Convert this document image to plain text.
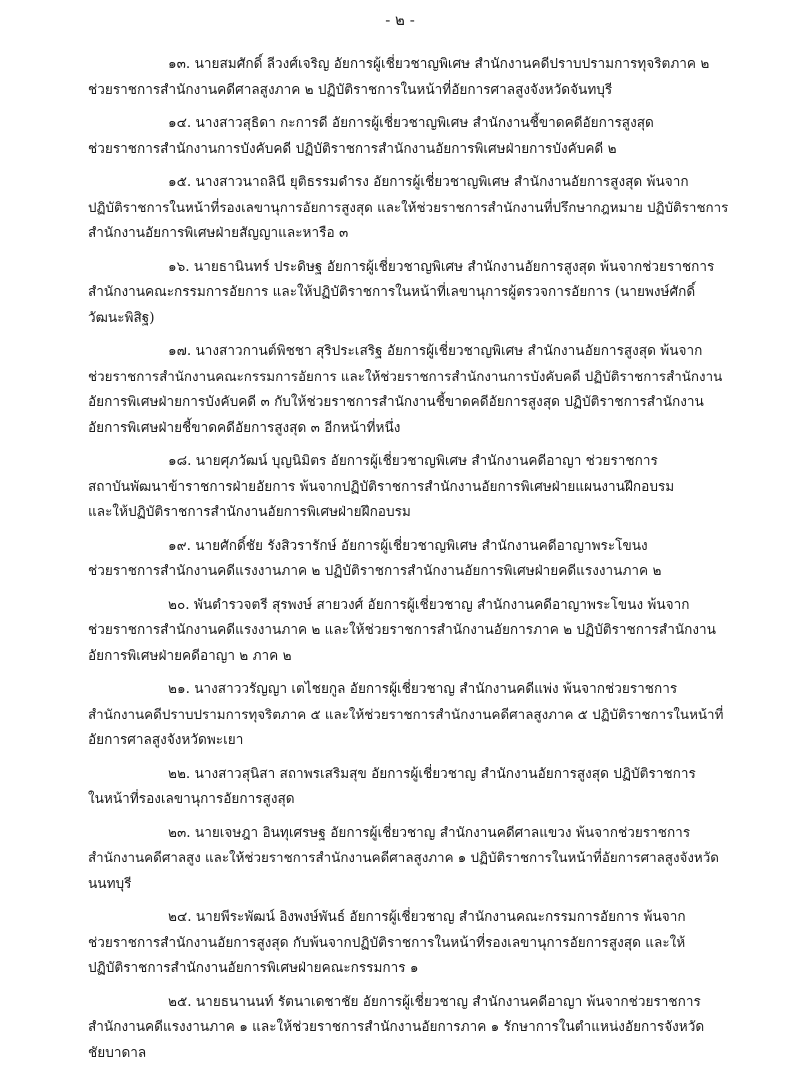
- ๒ -
๑๓. นายสมศักดิ์ ลีวงศ์เจริญ อัยการผู้เชี่ยวชาญพิเศษ สำนักงานคดีปราบปรามการทุจริตภาค ๒
ช่วยราชการสำนักงานคดีศาลสูงภาค ๒ ปฏิบัติราชการในหน้าที่อัยการศาลสูงจังหวัดจันทบุรี
๑๔. นางสาวสุธิดา กะการดี อัยการผู้เชี่ยวชาญพิเศษ สำนักงานชี้ขาดคดีอัยการสูงสุด
ช่วยราชการสำนักงานการบังคับคดี ปฏิบัติราชการสำนักงานอัยการพิเศษฝ่ายการบังคับคดี ๒
๑๕. นางสาวนาถลินี ยุติธรรมดำรง อัยการผู้เชี่ยวชาญพิเศษ สำนักงานอัยการสูงสุด พ้นจาก
ปฏิบัติราชการในหน้าที่รองเลขานุการอัยการสูงสุด และให้ช่วยราชการสำนักงานที่ปรึกษากฎหมาย ปฏิบัติราชการ
สำนักงานอัยการพิเศษฝ่ายสัญญาและหารือ ๓
๑๖. นายธานินทร์ ประดิษฐ อัยการผู้เชี่ยวชาญพิเศษ สำนักงานอัยการสูงสุด พ้นจากช่วยราชการ
สำนักงานคณะกรรมการอัยการ และให้ปฏิบัติราชการในหน้าที่เลขานุการผู้ตรวจการอัยการ (นายพงษ์ศักดิ์
วัฒนะพิสิฐ)
๑๗. นางสาวกานต์พิชชา สุริประเสริฐ อัยการผู้เชี่ยวชาญพิเศษ สำนักงานอัยการสูงสุด พ้นจาก
ช่วยราชการสำนักงานคณะกรรมการอัยการ และให้ช่วยราชการสำนักงานการบังคับคดี ปฏิบัติราชการสำนักงาน
อัยการพิเศษฝ่ายการบังคับคดี ๓ กับให้ช่วยราชการสำนักงานชี้ขาดคดีอัยการสูงสุด ปฏิบัติราชการสำนักงาน
อัยการพิเศษฝ่ายชี้ขาดคดีอัยการสูงสุด ๓ อีกหน้าที่หนึ่ง
๑๘. นายศุภวัฒน์ บุญนิมิตร อัยการผู้เชี่ยวชาญพิเศษ สำนักงานคดีอาญา ช่วยราชการ
สถาบันพัฒนาข้าราชการฝ่ายอัยการ พ้นจากปฏิบัติราชการสำนักงานอัยการพิเศษฝ่ายแผนงานฝึกอบรม
และให้ปฏิบัติราชการสำนักงานอัยการพิเศษฝ่ายฝึกอบรม
๑๙. นายศักดิ์ชัย รังสิวรารักษ์ อัยการผู้เชี่ยวชาญพิเศษ สำนักงานคดีอาญาพระโขนง
ช่วยราชการสำนักงานคดีแรงงานภาค ๒ ปฏิบัติราชการสำนักงานอัยการพิเศษฝ่ายคดีแรงงานภาค ๒
๒๐. พันตำรวจตรี สุรพงษ์ สายวงศ์ อัยการผู้เชี่ยวชาญ สำนักงานคดีอาญาพระโขนง พ้นจาก
ช่วยราชการสำนักงานคดีแรงงานภาค ๒ และให้ช่วยราชการสำนักงานอัยการภาค ๒ ปฏิบัติราชการสำนักงาน
อัยการพิเศษฝ่ายคดีอาญา ๒ ภาค ๒
๒๑. นางสาววรัญญา เตไชยกูล อัยการผู้เชี่ยวชาญ สำนักงานคดีแพ่ง พ้นจากช่วยราชการ
สำนักงานคดีปราบปรามการทุจริตภาค ๕ และให้ช่วยราชการสำนักงานคดีศาลสูงภาค ๕ ปฏิบัติราชการในหน้าที่
อัยการศาลสูงจังหวัดพะเยา
๒๒. นางสาวสุนิสา สถาพรเสริมสุข อัยการผู้เชี่ยวชาญ สำนักงานอัยการสูงสุด ปฏิบัติราชการ
ในหน้าที่รองเลขานุการอัยการสูงสุด
๒๓. นายเจษฎา อินทุเศรษฐ อัยการผู้เชี่ยวชาญ สำนักงานคดีศาลแขวง พ้นจากช่วยราชการ
สำนักงานคดีศาลสูง และให้ช่วยราชการสำนักงานคดีศาลสูงภาค ๑ ปฏิบัติราชการในหน้าที่อัยการศาลสูงจังหวัด
นนทบุรี
๒๔. นายพีระพัฒน์ อิงพงษ์พันธ์ อัยการผู้เชี่ยวชาญ สำนักงานคณะกรรมการอัยการ พ้นจาก
ช่วยราชการสำนักงานอัยการสูงสุด กับพ้นจากปฏิบัติราชการในหน้าที่รองเลขานุการอัยการสูงสุด และให้
ปฏิบัติราชการสำนักงานอัยการพิเศษฝ่ายคณะกรรมการ ๑
๒๕. นายธนานนท์ รัตนาเดชาชัย อัยการผู้เชี่ยวชาญ สำนักงานคดีอาญา พ้นจากช่วยราชการ
สำนักงานคดีแรงงานภาค ๑ และให้ช่วยราชการสำนักงานอัยการภาค ๑ รักษาการในตำแหน่งอัยการจังหวัด
ชัยบาดาล
